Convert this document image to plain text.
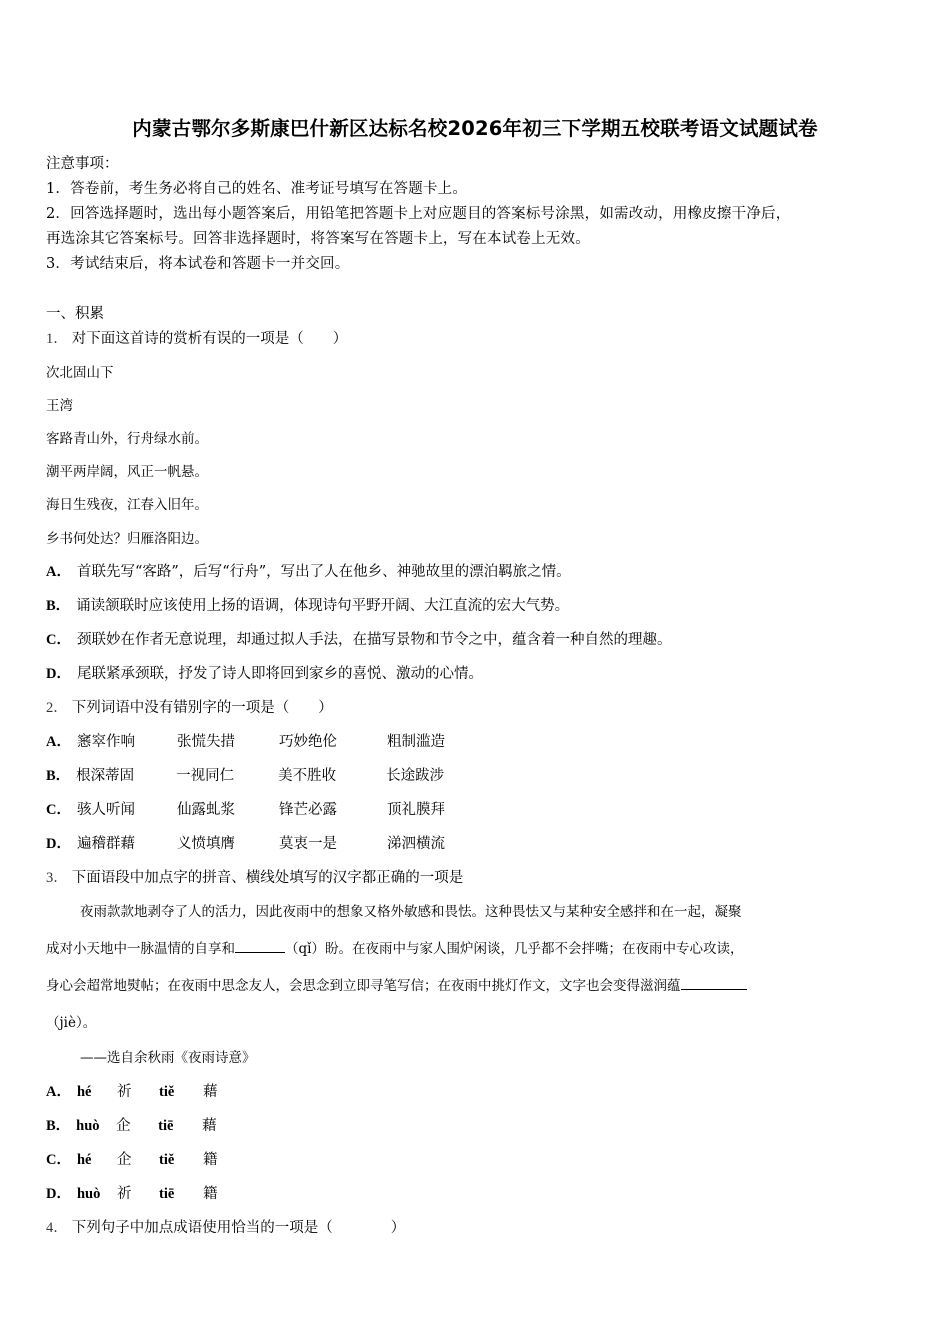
内蒙古鄂尔多斯康巴什新区达标名校2026年初三下学期五校联考语文试题试卷
注意事项：
1．答卷前，考生务必将自己的姓名、准考证号填写在答题卡上。
2．回答选择题时，选出每小题答案后，用铅笔把答题卡上对应题目的答案标号涂黑，如需改动，用橡皮擦干净后，
再选涂其它答案标号。回答非选择题时，将答案写在答题卡上，写在本试卷上无效。
3．考试结束后，将本试卷和答题卡一并交回。
一、积累
1． 对下面这首诗的赏析有误的一项是（　　）
次北固山下
王湾
客路青山外，行舟绿水前。
潮平两岸阔，风正一帆悬。
海日生残夜，江春入旧年。
乡书何处达？归雁洛阳边。
A． 首联先写“客路”，后写“行舟”，写出了人在他乡、神驰故里的漂泊羁旅之情。
B． 诵读颔联时应该使用上扬的语调，体现诗句平野开阔、大江直流的宏大气势。
C． 颈联妙在作者无意说理，却通过拟人手法，在描写景物和节令之中，蕴含着一种自然的理趣。
D． 尾联紧承颈联，抒发了诗人即将回到家乡的喜悦、激动的心情。
2． 下列词语中没有错别字的一项是（　　）
A． 窸窣作响	张慌失措	巧妙绝伦	粗制滥造
B． 根深蒂固	一视同仁	美不胜收	长途跋涉
C． 骇人听闻	仙露虬浆	锋芒必露	顶礼膜拜
D． 遍稽群藉	义愤填膺	莫衷一是	涕泗横流
3． 下面语段中加点字的拼音、横线处填写的汉字都正确的一项是
夜雨款款地剥夺了人的活力，因此夜雨中的想象又格外敏感和畏怯。这种畏怯又与某种安全感拌和在一起，凝聚
成对小天地中一脉温情的自享和	（qǐ）盼。在夜雨中与家人围炉闲谈，几乎都不会拌嘴；在夜雨中专心攻读，
身心会超常地熨帖；在夜雨中思念友人，会思念到立即寻笔写信；在夜雨中挑灯作文，文字也会变得滋润蕴
（jiè）。
——选自余秋雨《夜雨诗意》
A． hé 祈 tiě 藉
B． huò 企 tiē 藉
C． hé 企 tiě 籍
D． huò 祈 tiē 籍
4． 下列句子中加点成语使用恰当的一项是（　　　　）
